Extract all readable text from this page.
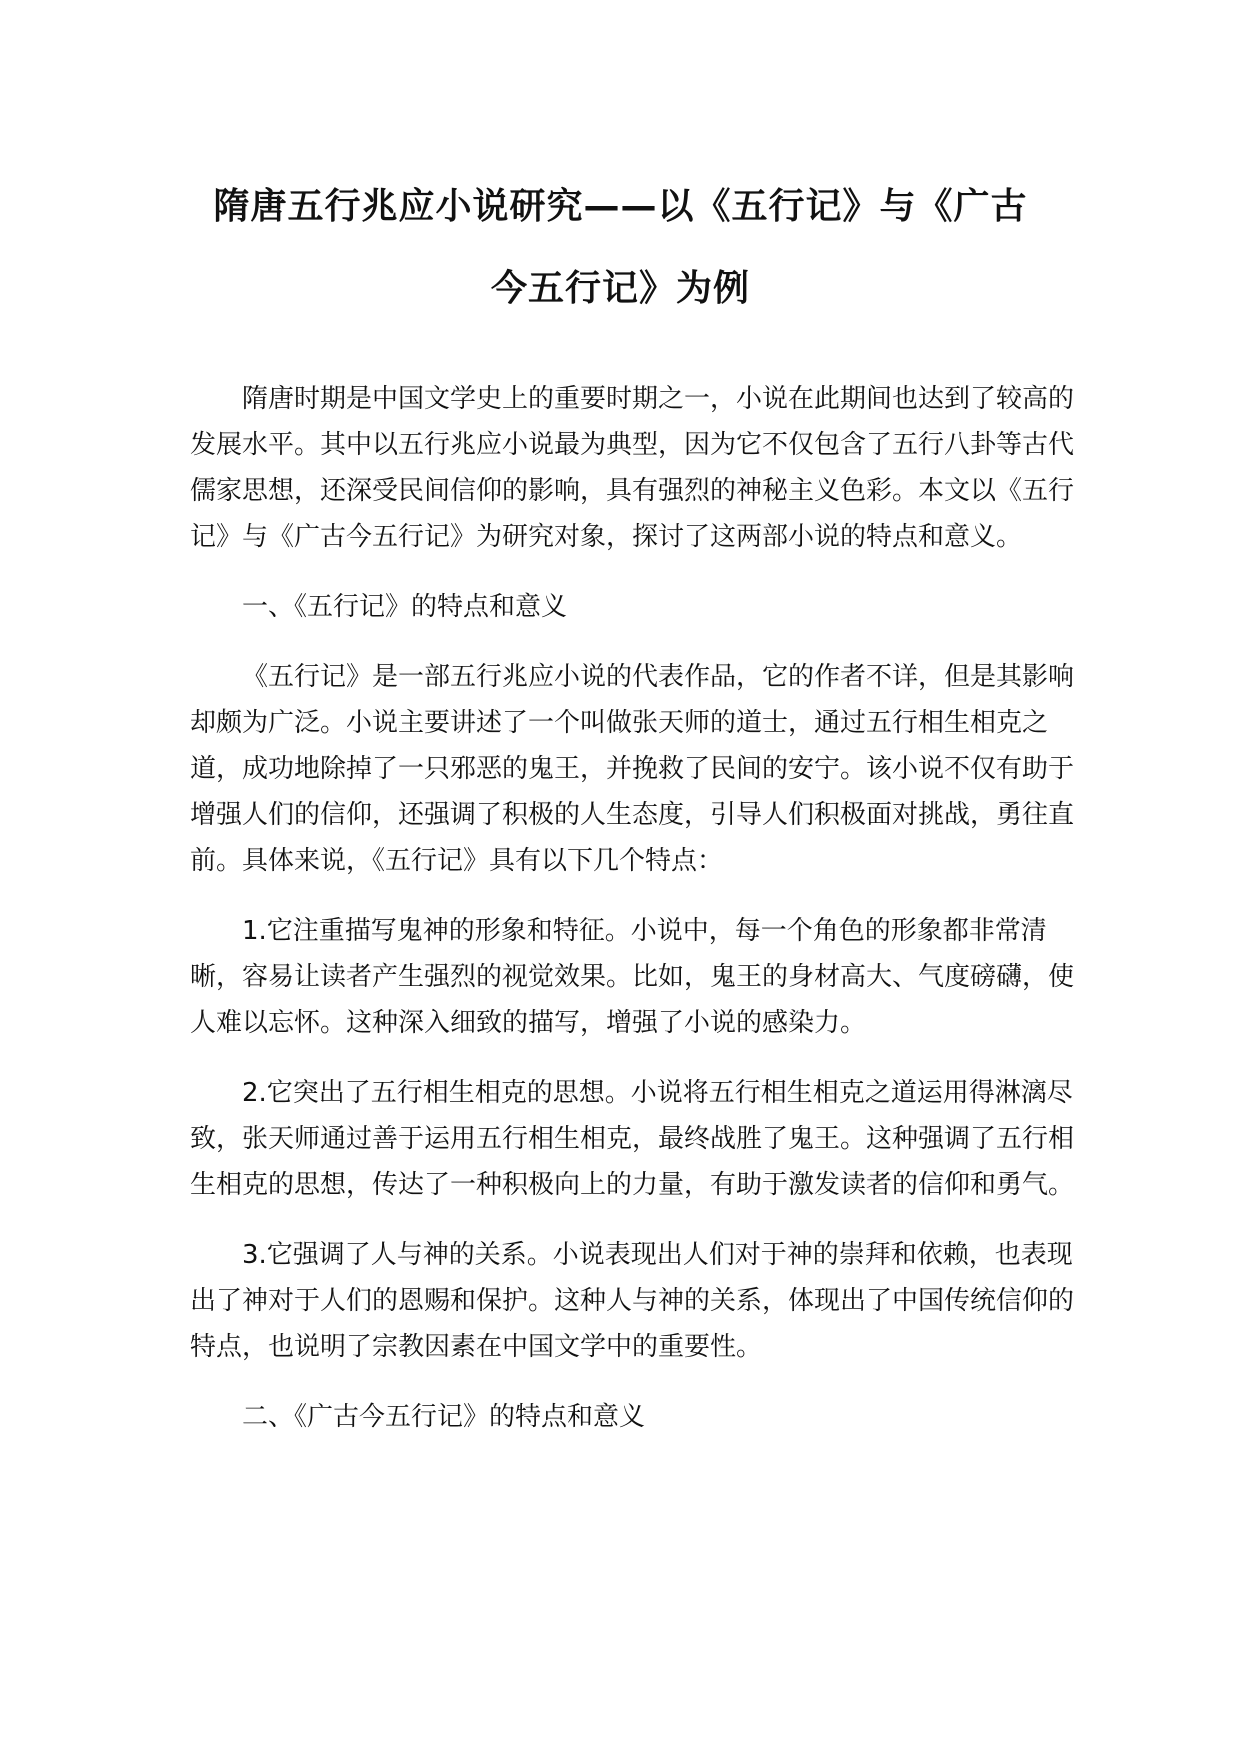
隋唐五行兆应小说研究——以《五行记》与《广古
今五行记》为例

隋唐时期是中国文学史上的重要时期之一，小说在此期间也达到了较高的发展水平。其中以五行兆应小说最为典型，因为它不仅包含了五行八卦等古代儒家思想，还深受民间信仰的影响，具有强烈的神秘主义色彩。本文以《五行记》与《广古今五行记》为研究对象，探讨了这两部小说的特点和意义。

一、《五行记》的特点和意义

《五行记》是一部五行兆应小说的代表作品，它的作者不详，但是其影响却颇为广泛。小说主要讲述了一个叫做张天师的道士，通过五行相生相克之道，成功地除掉了一只邪恶的鬼王，并挽救了民间的安宁。该小说不仅有助于增强人们的信仰，还强调了积极的人生态度，引导人们积极面对挑战，勇往直前。具体来说，《五行记》具有以下几个特点：

1.它注重描写鬼神的形象和特征。小说中，每一个角色的形象都非常清晰，容易让读者产生强烈的视觉效果。比如，鬼王的身材高大、气度磅礴，使人难以忘怀。这种深入细致的描写，增强了小说的感染力。

2.它突出了五行相生相克的思想。小说将五行相生相克之道运用得淋漓尽致，张天师通过善于运用五行相生相克，最终战胜了鬼王。这种强调了五行相生相克的思想，传达了一种积极向上的力量，有助于激发读者的信仰和勇气。

3.它强调了人与神的关系。小说表现出人们对于神的崇拜和依赖，也表现出了神对于人们的恩赐和保护。这种人与神的关系，体现出了中国传统信仰的特点，也说明了宗教因素在中国文学中的重要性。

二、《广古今五行记》的特点和意义
